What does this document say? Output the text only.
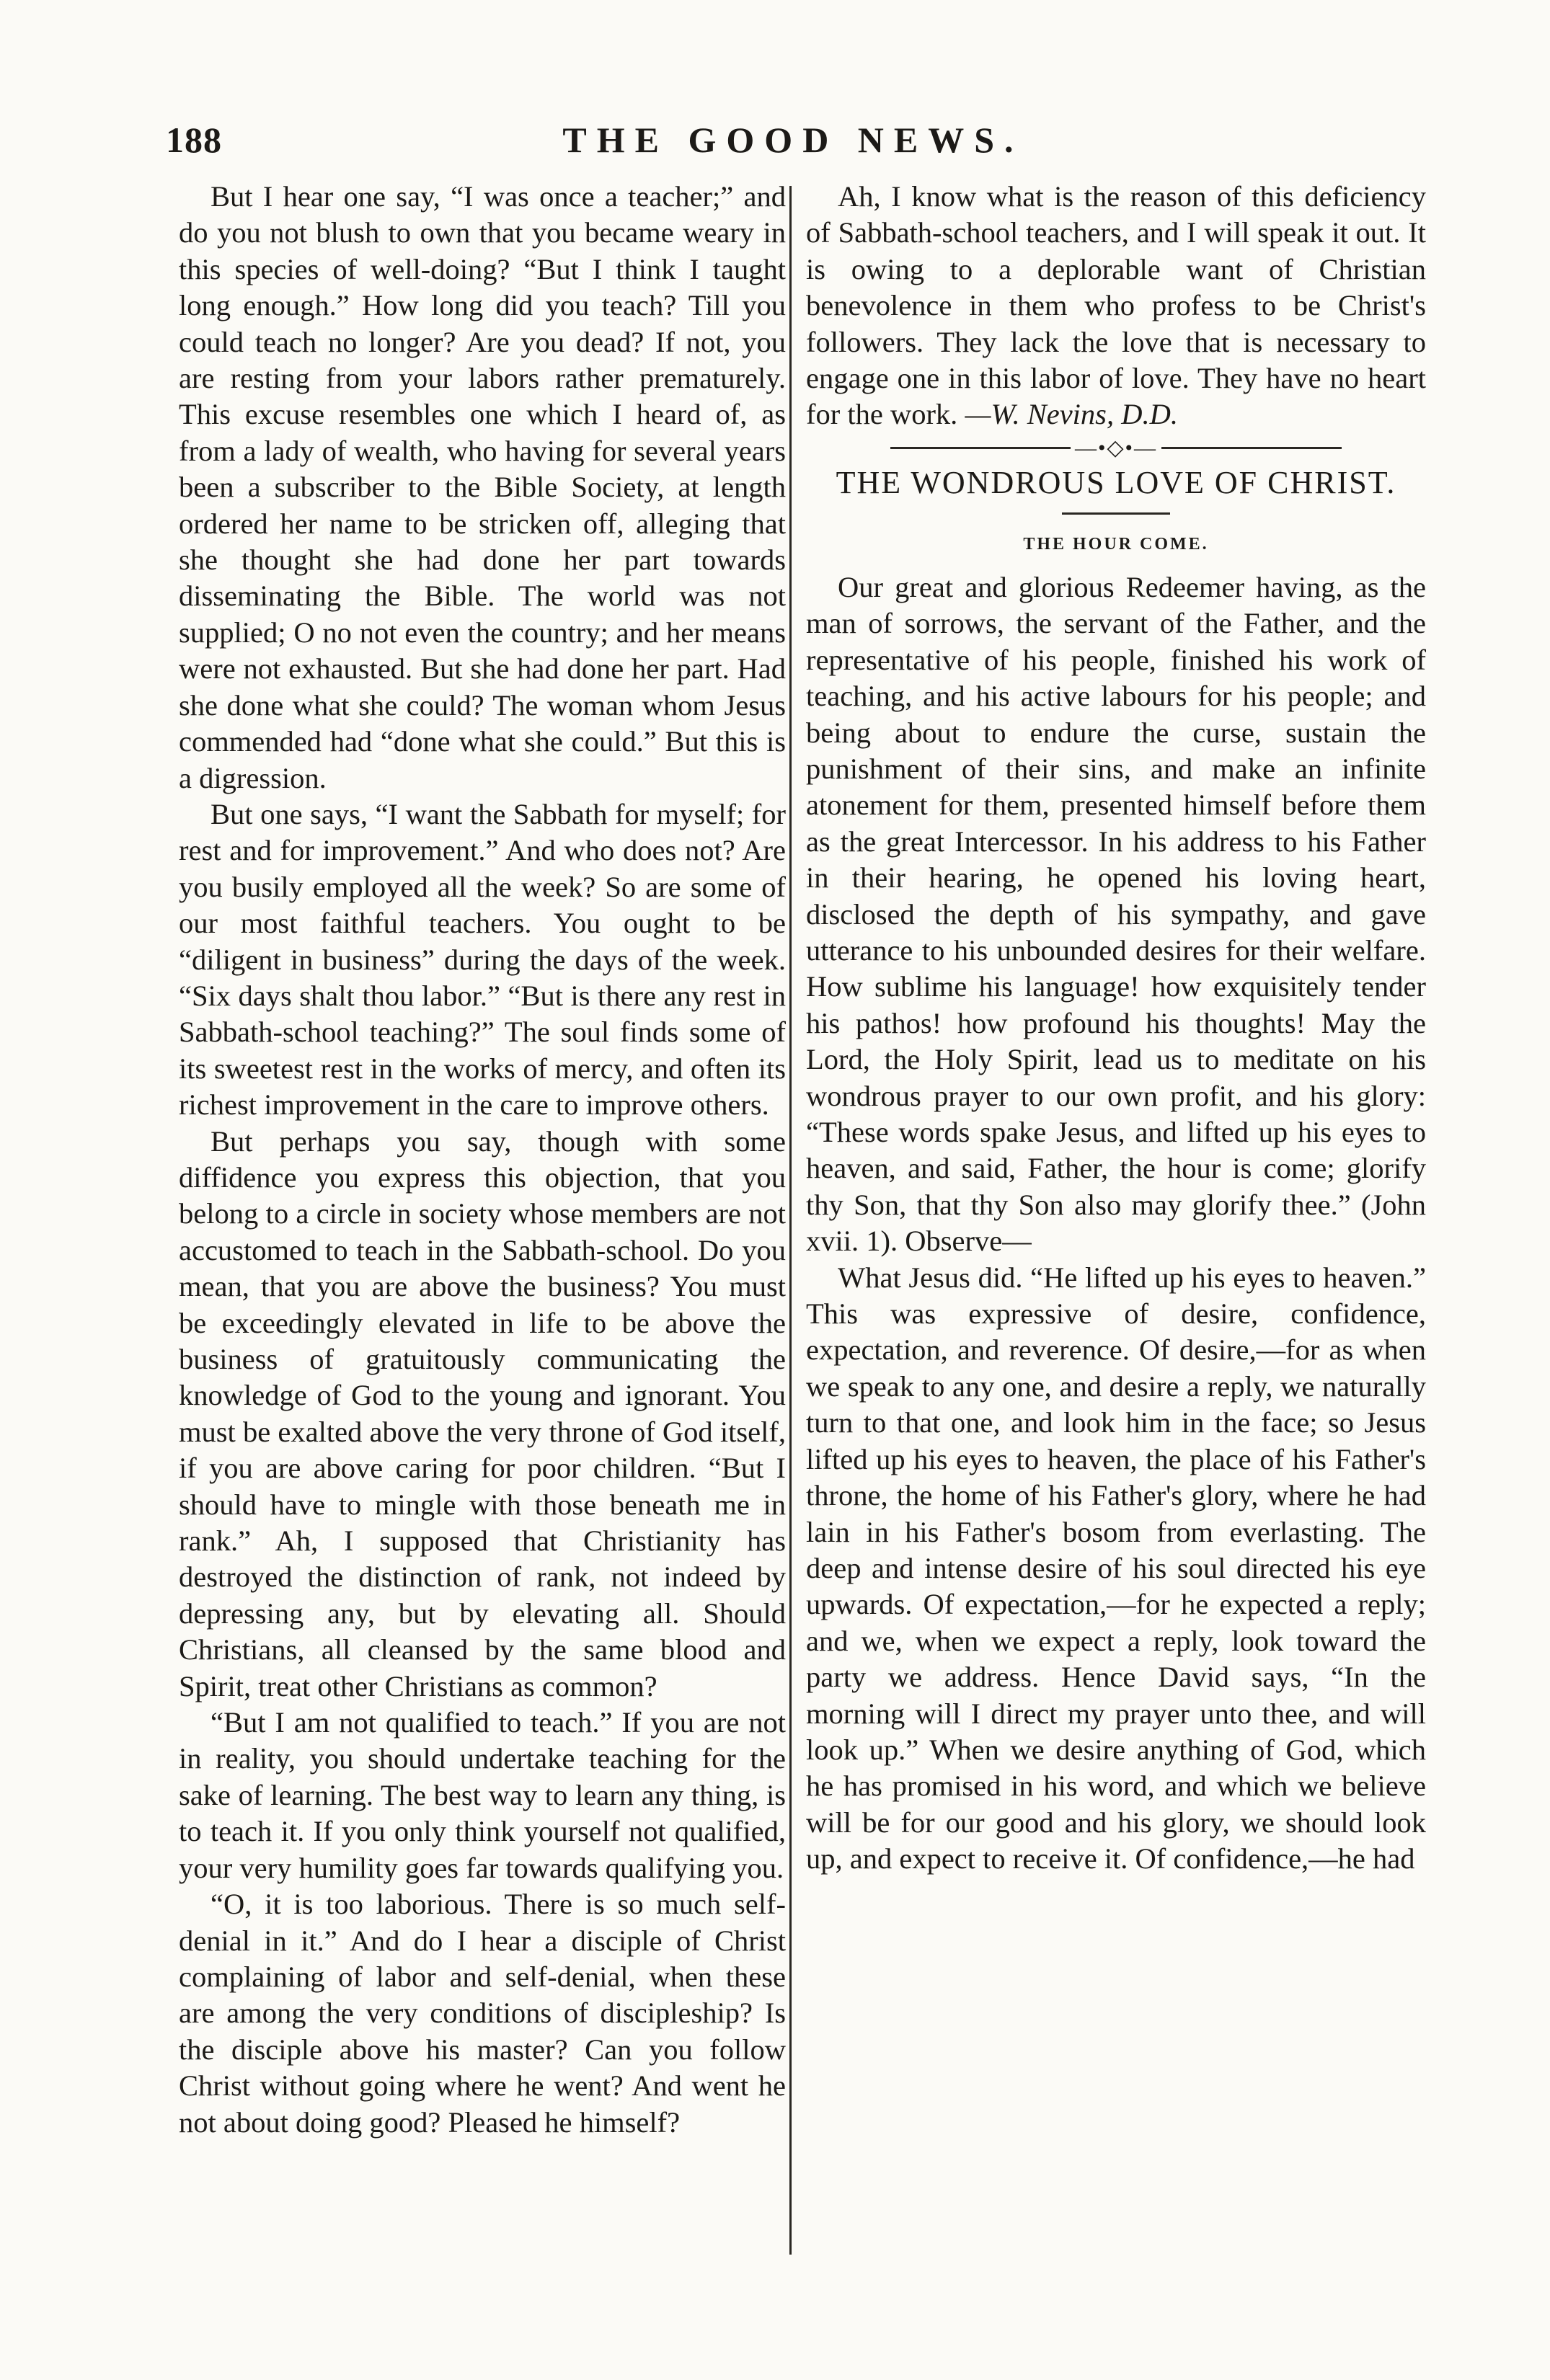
188	THE GOOD NEWS.

But I hear one say, “I was once a teacher;” and do you not blush to own that you became weary in this species of well-doing? “But I think I taught long enough.” How long did you teach? Till you could teach no longer? Are you dead? If not, you are resting from your labors rather prematurely. This excuse resembles one which I heard of, as from a lady of wealth, who having for several years been a subscriber to the Bible Society, at length ordered her name to be stricken off, alleging that she thought she had done her part towards disseminating the Bible. The world was not supplied; O no not even the country; and her means were not exhausted. But she had done her part. Had she done what she could? The woman whom Jesus commended had “done what she could.” But this is a digression.

But one says, “I want the Sabbath for myself; for rest and for improvement.” And who does not? Are you busily employed all the week? So are some of our most faithful teachers. You ought to be “diligent in business” during the days of the week. “Six days shalt thou labor.” “But is there any rest in Sabbath-school teaching?” The soul finds some of its sweetest rest in the works of mercy, and often its richest improvement in the care to improve others.

But perhaps you say, though with some diffidence you express this objection, that you belong to a circle in society whose members are not accustomed to teach in the Sabbath-school. Do you mean, that you are above the business? You must be exceedingly elevated in life to be above the business of gratuitously communicating the knowledge of God to the young and ignorant. You must be exalted above the very throne of God itself, if you are above caring for poor children. “But I should have to mingle with those beneath me in rank.” Ah, I supposed that Christianity has destroyed the distinction of rank, not indeed by depressing any, but by elevating all. Should Christians, all cleansed by the same blood and Spirit, treat other Christians as common?

“But I am not qualified to teach.” If you are not in reality, you should undertake teaching for the sake of learning. The best way to learn any thing, is to teach it. If you only think yourself not qualified, your very humility goes far towards qualifying you.

“O, it is too laborious. There is so much self-denial in it.” And do I hear a disciple of Christ complaining of labor and self-denial, when these are among the very conditions of discipleship? Is the disciple above his master? Can you follow Christ without going where he went? And went he not about doing good? Pleased he himself?

Ah, I know what is the reason of this deficiency of Sabbath-school teachers, and I will speak it out. It is owing to a deplorable want of Christian benevolence in them who profess to be Christ's followers. They lack the love that is necessary to engage one in this labor of love. They have no heart for the work. —W. Nevins, D.D.

—•◇•—
THE WONDROUS LOVE OF CHRIST.
THE HOUR COME.

Our great and glorious Redeemer having, as the man of sorrows, the servant of the Father, and the representative of his people, finished his work of teaching, and his active labours for his people; and being about to endure the curse, sustain the punishment of their sins, and make an infinite atonement for them, presented himself before them as the great Intercessor. In his address to his Father in their hearing, he opened his loving heart, disclosed the depth of his sympathy, and gave utterance to his unbounded desires for their welfare. How sublime his language! how exquisitely tender his pathos! how profound his thoughts! May the Lord, the Holy Spirit, lead us to meditate on his wondrous prayer to our own profit, and his glory: “These words spake Jesus, and lifted up his eyes to heaven, and said, Father, the hour is come; glorify thy Son, that thy Son also may glorify thee.” (John xvii. 1). Observe—

What Jesus did. “He lifted up his eyes to heaven.” This was expressive of desire, confidence, expectation, and reverence. Of desire,—for as when we speak to any one, and desire a reply, we naturally turn to that one, and look him in the face; so Jesus lifted up his eyes to heaven, the place of his Father's throne, the home of his Father's glory, where he had lain in his Father's bosom from everlasting. The deep and intense desire of his soul directed his eye upwards. Of expectation,—for he expected a reply; and we, when we expect a reply, look toward the party we address. Hence David says, “In the morning will I direct my prayer unto thee, and will look up.” When we desire anything of God, which he has promised in his word, and which we believe will be for our good and his glory, we should look up, and expect to receive it. Of confidence,—he had
